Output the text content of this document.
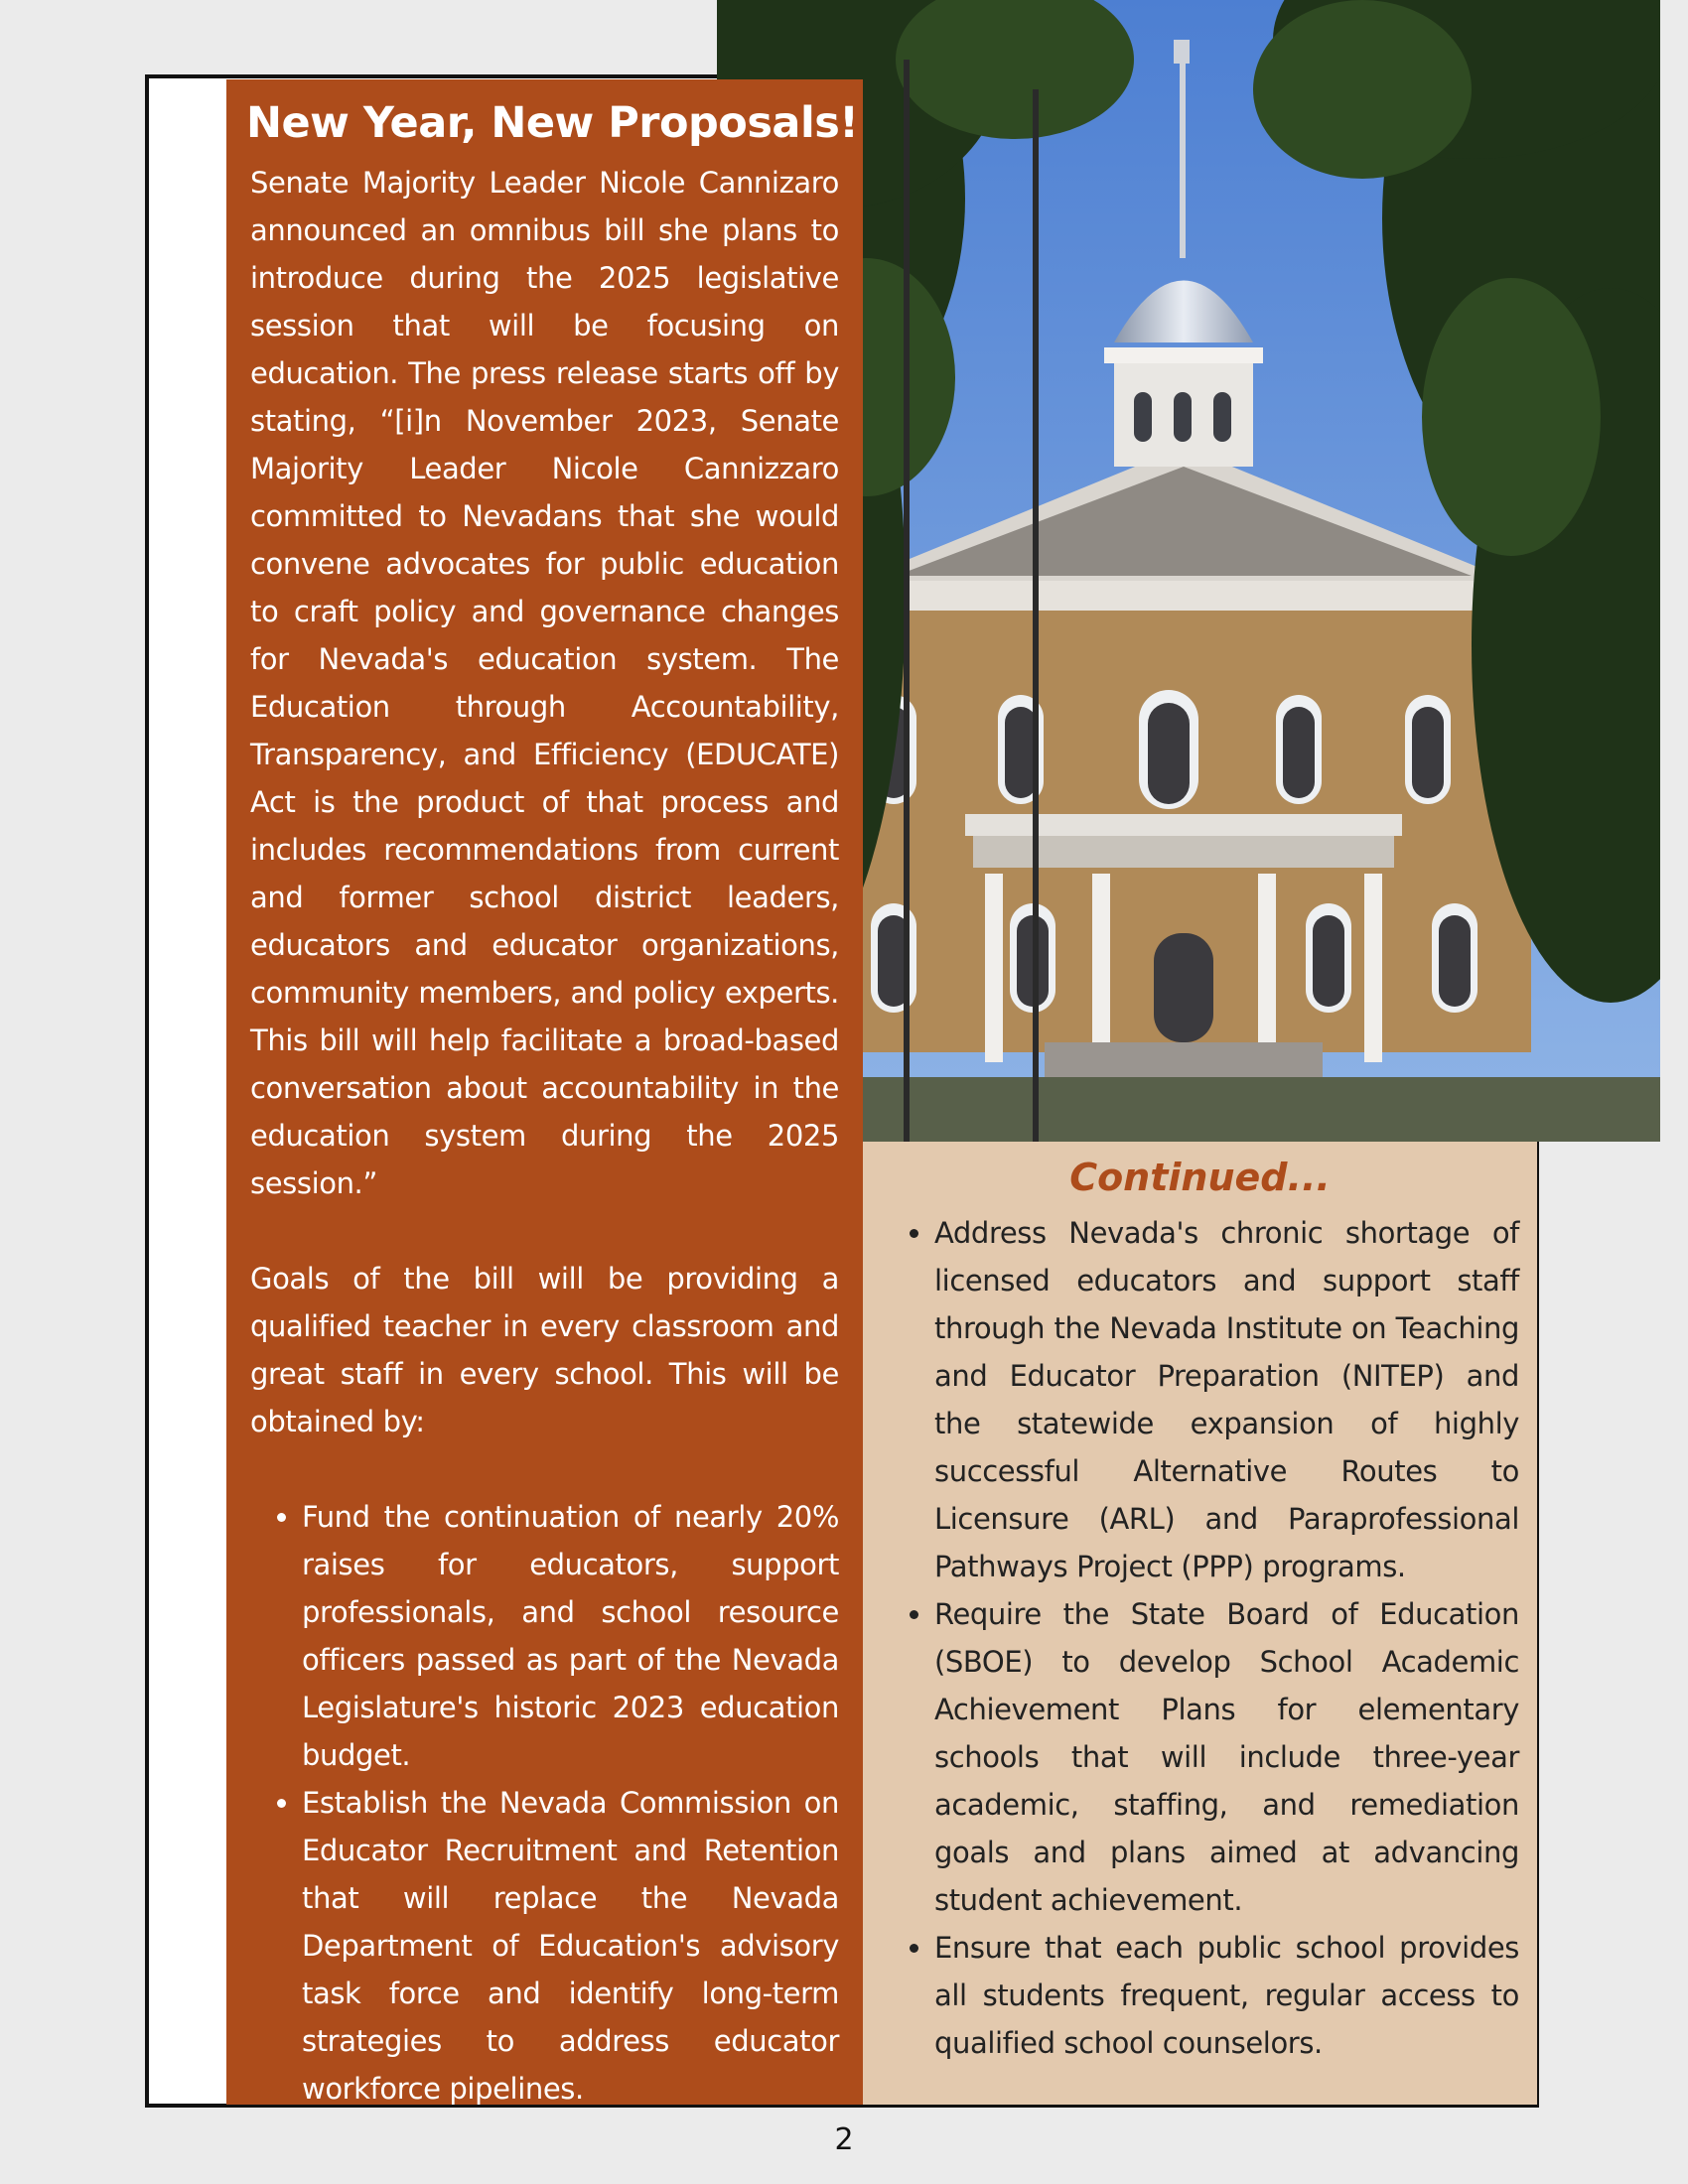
New Year, New Proposals!

Senate Majority Leader Nicole Cannizaro announced an omnibus bill she plans to introduce during the 2025 legislative session that will be focusing on education. The press release starts off by stating, “[i]n November 2023, Senate Majority Leader Nicole Cannizzaro committed to Nevadans that she would convene advocates for public education to craft policy and governance changes for Nevada's education system. The Education through Accountability, Transparency, and Efficiency (EDUCATE) Act is the product of that process and includes recommendations from current and former school district leaders, educators and educator organizations, community members, and policy experts. This bill will help facilitate a broad-based conversation about accountability in the education system during the 2025 session.”

Goals of the bill will be providing a qualified teacher in every classroom and great staff in every school. This will be obtained by:

• Fund the continuation of nearly 20% raises for educators, support professionals, and school resource officers passed as part of the Nevada Legislature's historic 2023 education budget.
• Establish the Nevada Commission on Educator Recruitment and Retention that will replace the Nevada Department of Education's advisory task force and identify long-term strategies to address educator workforce pipelines.
Continued...
• Address Nevada's chronic shortage of licensed educators and support staff through the Nevada Institute on Teaching and Educator Preparation (NITEP) and the statewide expansion of highly successful Alternative Routes to Licensure (ARL) and Paraprofessional Pathways Project (PPP) programs.
• Require the State Board of Education (SBOE) to develop School Academic Achievement Plans for elementary schools that will include three-year academic, staffing, and remediation goals and plans aimed at advancing student achievement.
• Ensure that each public school provides all students frequent, regular access to qualified school counselors.
2
